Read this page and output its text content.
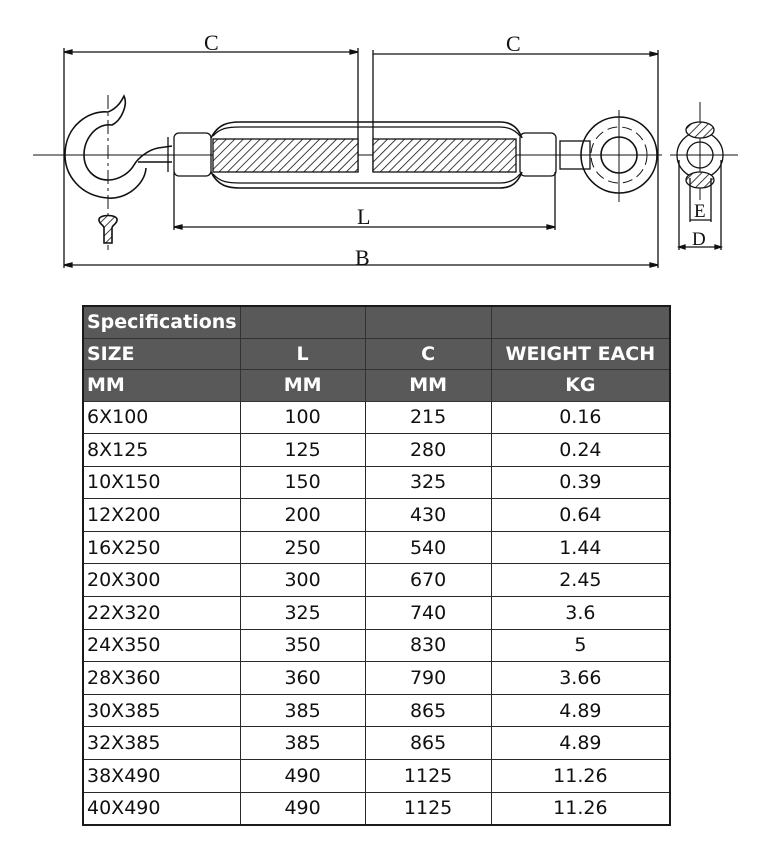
C	C
L
B
E
D
Specifications			
SIZE	L	C	WEIGHT EACH
MM	MM	MM	KG
6X100	100	215	0.16
8X125	125	280	0.24
10X150	150	325	0.39
12X200	200	430	0.64
16X250	250	540	1.44
20X300	300	670	2.45
22X320	325	740	3.6
24X350	350	830	5
28X360	360	790	3.66
30X385	385	865	4.89
32X385	385	865	4.89
38X490	490	1125	11.26
40X490	490	1125	11.26
